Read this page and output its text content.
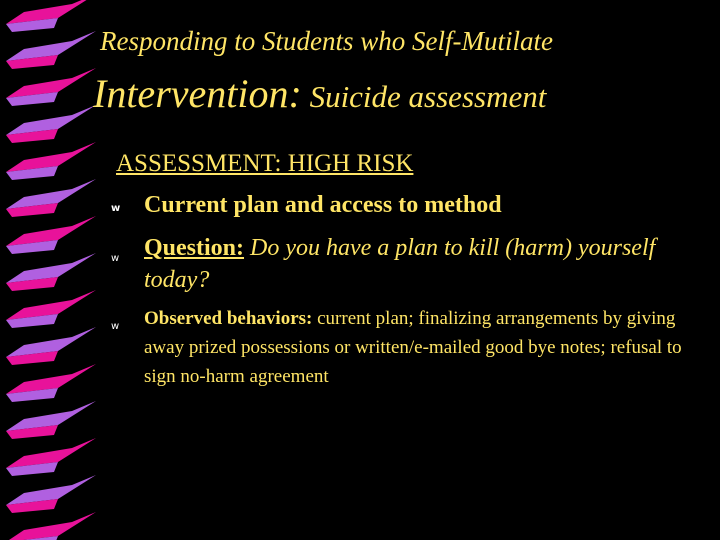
Responding to Students who Self-Mutilate
Intervention: Suicide assessment
ASSESSMENT: HIGH RISK
w Current plan and access to method
w Question: Do you have a plan to kill (harm) yourself today?
w Observed behaviors: current plan; finalizing arrangements by giving away prized possessions or written/e-mailed good bye notes; refusal to sign no-harm agreement
